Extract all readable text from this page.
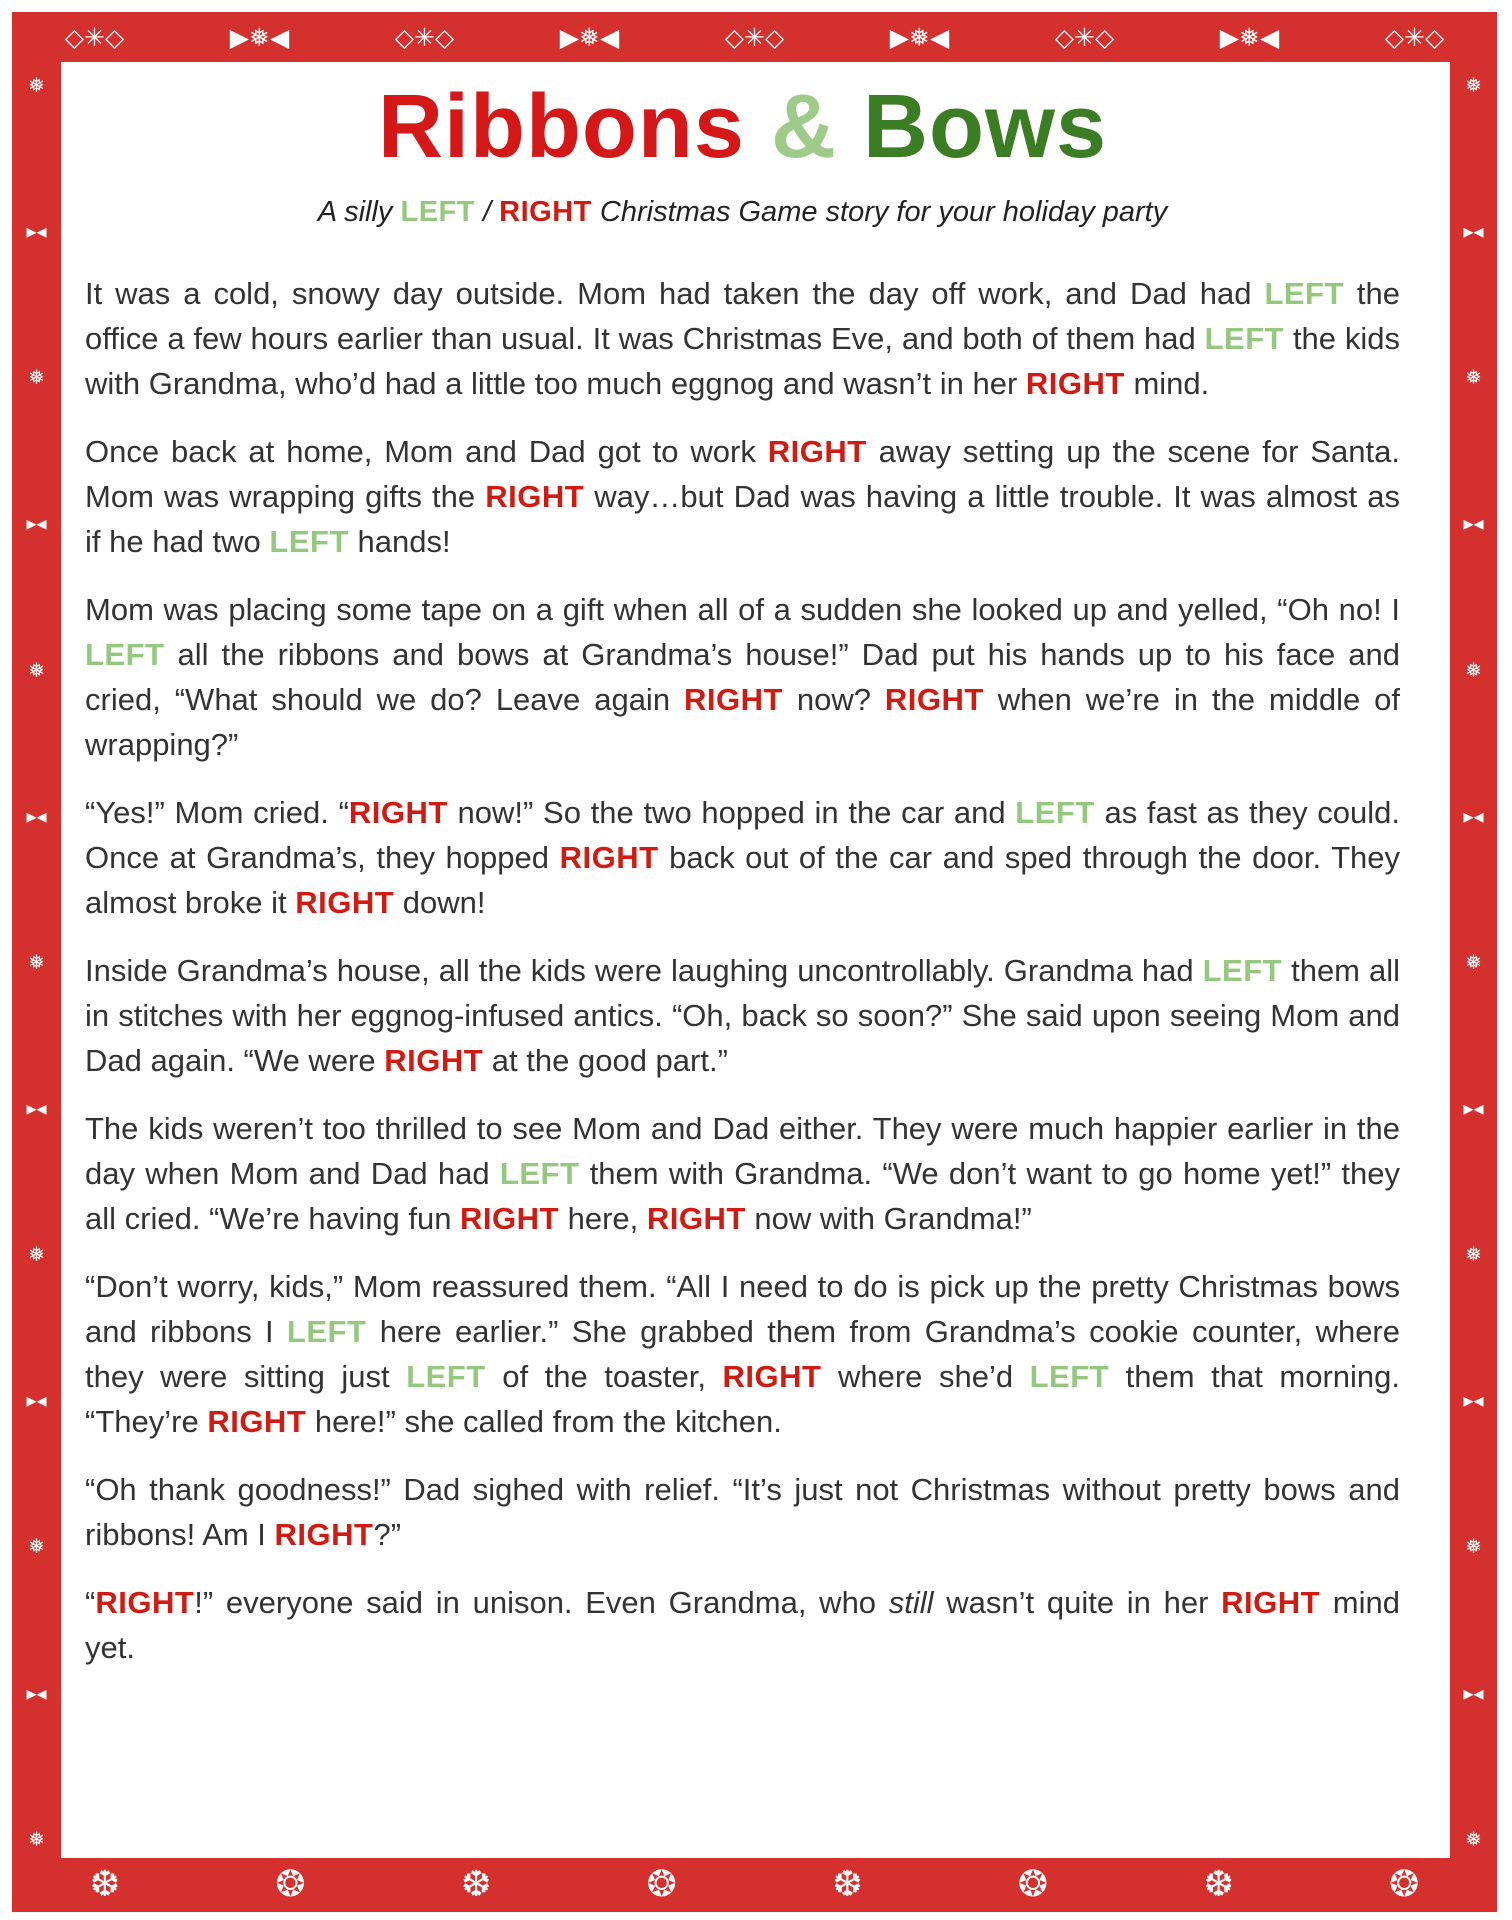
❅
▸◂
❅
▸◂
❅
▸◂
❅
▸◂
❅
▸◂
❅
▸◂
❅
❅
▸◂
❅
▸◂
❅
▸◂
❅
▸◂
❅
▸◂
❅
▸◂
❅
◇✳◇	▶❅◀	◇✳◇	▶❅◀	◇✳◇	▶❅◀	◇✳◇	▶❅◀	◇✳◇
❆	❂	❆	❂	❆	❂	❆	❂
Ribbons & Bows
A silly LEFT / RIGHT Christmas Game story for your holiday party

It was a cold, snowy day outside. Mom had taken the day off work, and Dad had LEFT the office a few hours earlier than usual. It was Christmas Eve, and both of them had LEFT the kids with Grandma, who’d had a little too much eggnog and wasn’t in her RIGHT mind.

Once back at home, Mom and Dad got to work RIGHT away setting up the scene for Santa. Mom was wrapping gifts the RIGHT way…but Dad was having a little trouble. It was almost as if he had two LEFT hands!

Mom was placing some tape on a gift when all of a sudden she looked up and yelled, “Oh no! I LEFT all the ribbons and bows at Grandma’s house!” Dad put his hands up to his face and cried, “What should we do? Leave again RIGHT now? RIGHT when we’re in the middle of wrapping?”

“Yes!” Mom cried. “RIGHT now!” So the two hopped in the car and LEFT as fast as they could. Once at Grandma’s, they hopped RIGHT back out of the car and sped through the door. They almost broke it RIGHT down!

Inside Grandma’s house, all the kids were laughing uncontrollably. Grandma had LEFT them all in stitches with her eggnog-infused antics. “Oh, back so soon?” She said upon seeing Mom and Dad again. “We were RIGHT at the good part.”

The kids weren’t too thrilled to see Mom and Dad either. They were much happier earlier in the day when Mom and Dad had LEFT them with Grandma. “We don’t want to go home yet!” they all cried. “We’re having fun RIGHT here, RIGHT now with Grandma!”

“Don’t worry, kids,” Mom reassured them. “All I need to do is pick up the pretty Christmas bows and ribbons I LEFT here earlier.” She grabbed them from Grandma’s cookie counter, where they were sitting just LEFT of the toaster, RIGHT where she’d LEFT them that morning. “They’re RIGHT here!” she called from the kitchen.

“Oh thank goodness!” Dad sighed with relief. “It’s just not Christmas without pretty bows and ribbons! Am I RIGHT?”

“RIGHT!” everyone said in unison. Even Grandma, who still wasn’t quite in her RIGHT mind yet.
